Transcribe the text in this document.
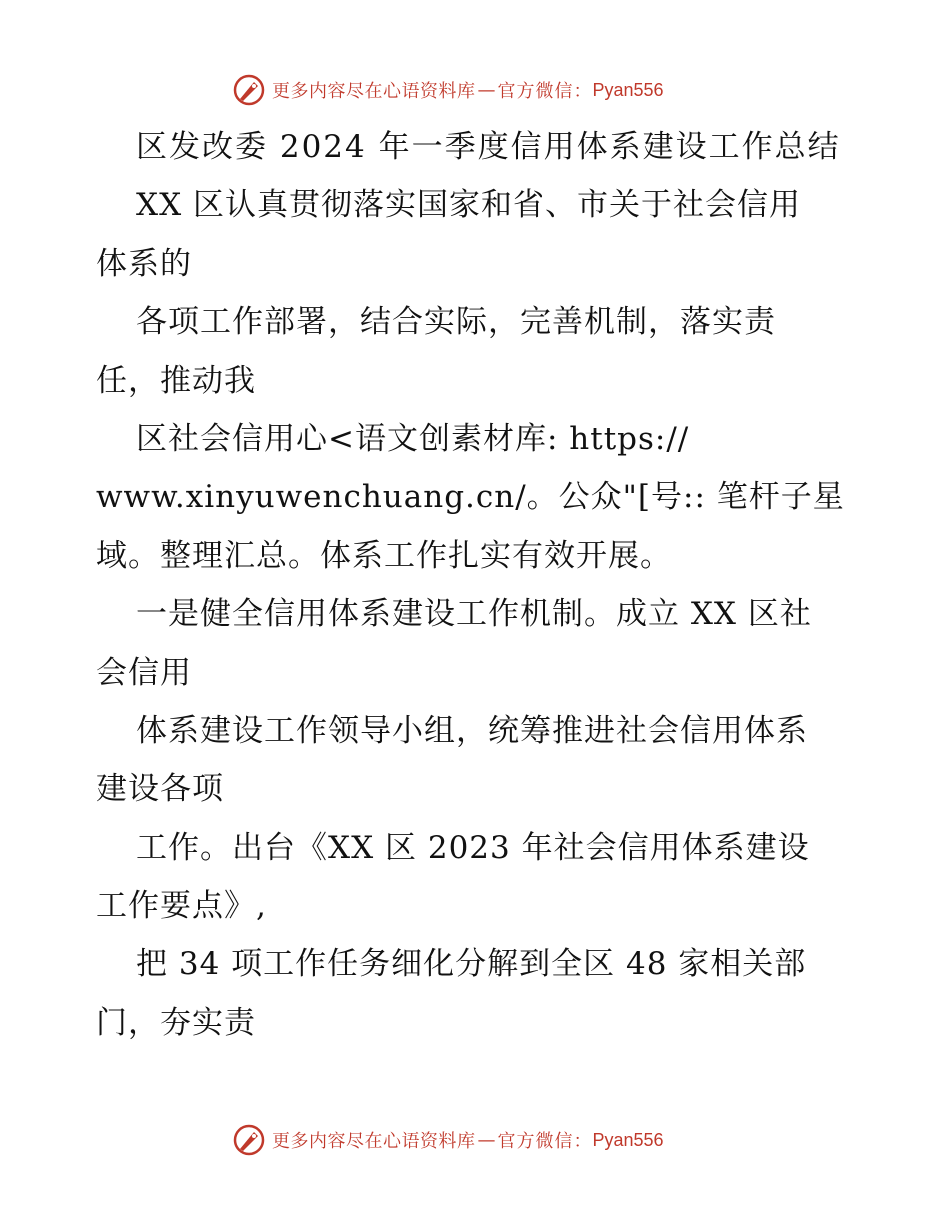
更多内容尽在心语资料库 — 官方微信： Pyan556
区发改委 2024 年一季度信用体系建设工作总结
XX 区认真贯彻落实国家和省、市关于社会信用
体系的
各项工作部署，结合实际，完善机制，落实责
任，推动我
区社会信用心<语文创素材库: https://
www.xinyuwenchuang.cn/。公众"[号:: 笔杆子星
域。整理汇总。体系工作扎实有效开展。
一是健全信用体系建设工作机制。成立 XX 区社
会信用
体系建设工作领导小组，统筹推进社会信用体系
建设各项
工作。出台《XX 区 2023 年社会信用体系建设
工作要点》,
把 34 项工作任务细化分解到全区 48 家相关部
门，夯实责
更多内容尽在心语资料库 — 官方微信： Pyan556
